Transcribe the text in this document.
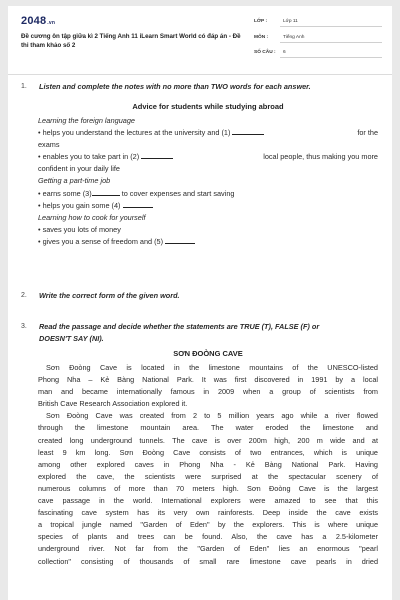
2048.vn
Đề cương ôn tập giữa kì 2 Tiếng Anh 11 iLearn Smart World có đáp án - Đề thi tham khảo số 2
LỚP :	Lớp 11
MÔN :	Tiếng Anh
SỐ CÂU : 6
1. Listen and complete the notes with no more than TWO words for each answer.
Advice for students while studying abroad
Learning the foreign language
• helps you understand the lectures at the university and (1)	for the
exams
• enables you to take part in (2)	local people, thus making you more
confident in your daily life
Getting a part-time job
• earns some (3)	to cover expenses and start saving
• helps you gain some (4)
Learning how to cook for yourself
• saves you lots of money
• gives you a sense of freedom and (5)
2. Write the correct form of the given word.
3. Read the passage and decide whether the statements are TRUE (T), FALSE (F) or
DOESN'T SAY (NI).
SƠN ĐOÒNG CAVE
Sơn Đoòng Cave is located in the limestone mountains of the UNESCO-listed
Phong Nha – Kẻ Bàng National Park. It was first discovered in 1991 by a local
man and became internationally famous in 2009 when a group of scientists from
British Cave Research Association explored it.
Sơn Đoòng Cave was created from 2 to 5 million years ago while a river flowed
through the limestone mountain area. The water eroded the limestone and
created long underground tunnels. The cave is over 200m high, 200 m wide and at
least 9 km long. Sơn Đoòng Cave consists of two entrances, which is unique
among other explored caves in Phong Nha - Kẻ Bàng National Park. Having
explored the cave, the scientists were surprised at the spectacular scenery of
numerous columns of more than 70 meters high. Sơn Đoòng Cave is the largest
cave passage in the world. International explorers were amazed to see that this
fascinating cave system has its very own rainforests. Deep inside the cave exists
a tropical jungle named "Garden of Eden" by the explorers. This is where unique
species of plants and trees can be found. Also, the cave has a 2.5-kilometer
underground river. Not far from the "Garden of Eden" lies an enormous "pearl
collection" consisting of thousands of small rare limestone cave pearls in dried
